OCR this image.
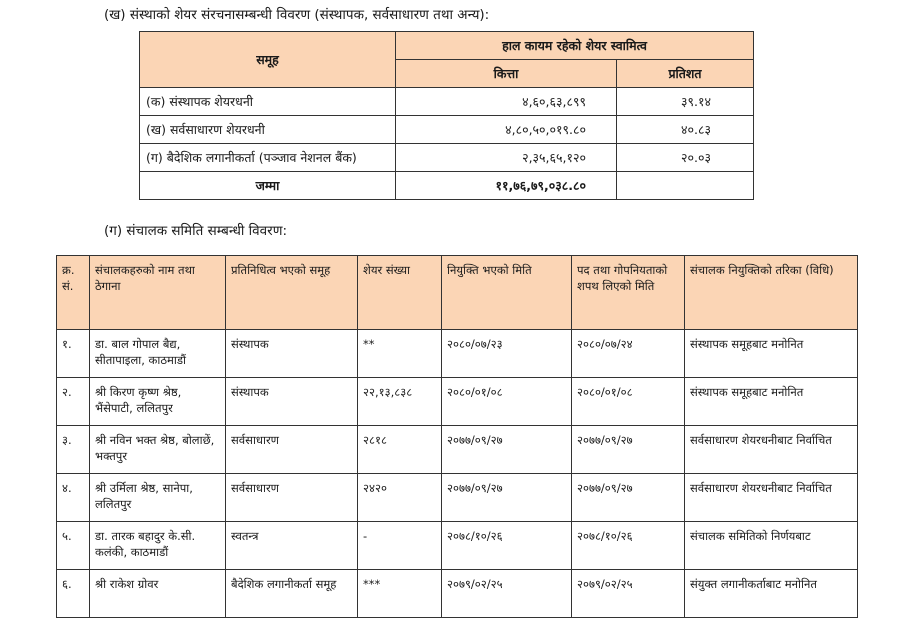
(ख) संस्थाको शेयर संरचनासम्बन्धी विवरण (संस्थापक, सर्वसाधारण तथा अन्य):
समूह	हाल कायम रहेको शेयर स्वामित्व	
	कित्ता	प्रतिशत
(क) संस्थापक शेयरधनी	४,६०,६३,८९९	३९.१४
(ख) सर्वसाधारण शेयरधनी	४,८०,५०,०१९.८०	४०.८३
(ग) बैदेशिक लगानीकर्ता (पञ्जाव नेशनल बैंक)	२,३५,६५,१२०	२०.०३
जम्मा	११,७६,७९,०३८.८०	
(ग) संचालक समिति सम्बन्धी विवरण:
क्र. सं.	संचालकहरुको नाम तथा ठेगाना	प्रतिनिधित्व भएको समूह	शेयर संख्या	नियुक्ति भएको मिति	पद तथा गोपनियताको शपथ लिएको मिति	संचालक नियुक्तिको तरिका (विधि)
१.	डा. बाल गोपाल बैद्य, सीतापाइला, काठमाडौं	संस्थापक	**	२०८०/०७/२३	२०८०/०७/२४	संस्थापक समूहबाट मनोनित
२.	श्री किरण कृष्ण श्रेष्ठ, भैंसेपाटी, ललितपुर	संस्थापक	२२,१३,८३८	२०८०/०१/०८	२०८०/०१/०८	संस्थापक समूहबाट मनोनित
३.	श्री नविन भक्त श्रेष्ठ, बोलाछें, भक्तपुर	सर्वसाधारण	२८१८	२०७७/०९/२७	२०७७/०९/२७	सर्वसाधारण शेयरधनीबाट निर्वाचित
४.	श्री उर्मिला श्रेष्ठ, सानेपा, ललितपुर	सर्वसाधारण	२४२०	२०७७/०९/२७	२०७७/०९/२७	सर्वसाधारण शेयरधनीबाट निर्वाचित
५.	डा. तारक बहादुर के.सी. कलंकी, काठमाडौं	स्वतन्त्र	-	२०७८/१०/२६	२०७८/१०/२६	संचालक समितिको निर्णयबाट
६.	श्री राकेश ग्रोवर	बैदेशिक लगानीकर्ता समूह	***	२०७९/०२/२५	२०७९/०२/२५	संयुक्त लगानीकर्ताबाट मनोनित
